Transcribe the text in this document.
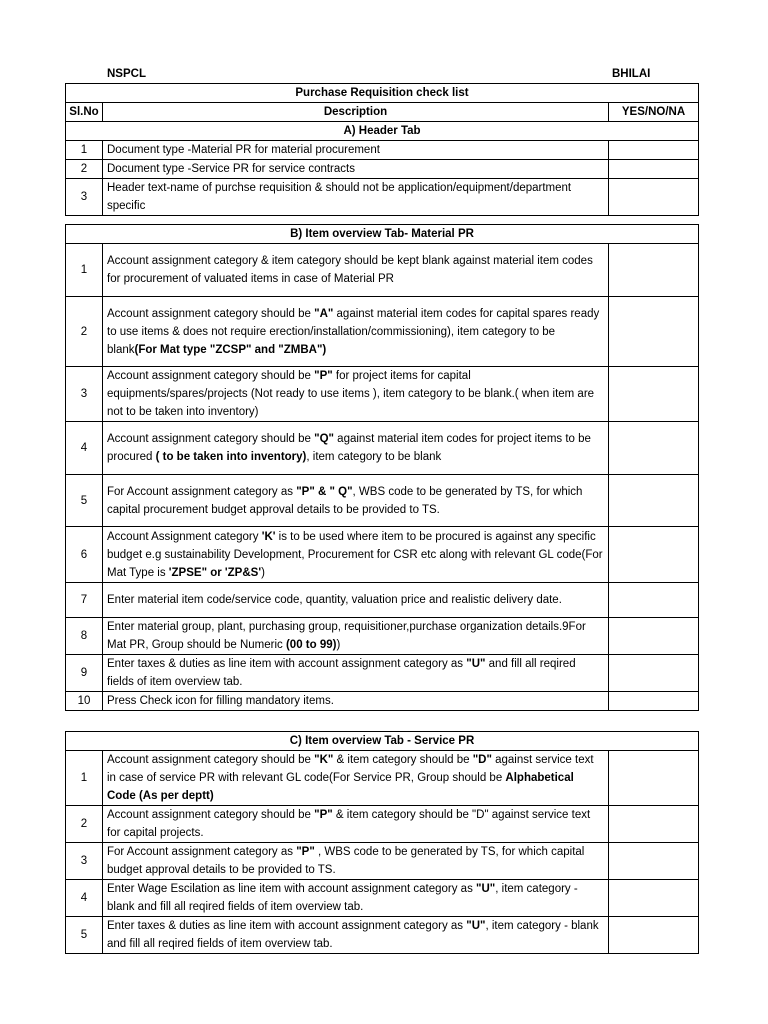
NSPCL	BHILAI
Purchase Requisition check list		
Sl.No	Description	YES/NO/NA
A) Header Tab		
1	Document type -Material PR for material procurement	
2	Document type -Service PR for service contracts	
3	Header text-name of purchse requisition & should not be application/equipment/department specific	
B) Item overview Tab- Material PR		
1	Account assignment category & item category should be kept blank against material item codes for procurement of valuated items in case of Material PR	
2	Account assignment category should be "A" against material item codes for capital spares ready to use items & does not require erection/installation/commissioning), item category to be blank(For Mat type "ZCSP" and "ZMBA")	
3	Account assignment category should be "P" for project items for capital equipments/spares/projects (Not ready to use items ), item category to be blank.( when item are not to be taken into inventory)	
4	Account assignment category should be "Q" against material item codes for project items to be procured ( to be taken into inventory), item category to be blank	
5	For Account assignment category as "P" & " Q", WBS code to be generated by TS, for which capital procurement budget approval details to be provided to TS.	
6	Account Assignment category 'K' is to be used where item to be procured is against any specific budget e.g sustainability Development, Procurement for CSR etc along with relevant GL code(For Mat Type is 'ZPSE" or 'ZP&S')	
7	Enter material item code/service code, quantity, valuation price and realistic delivery date.	
8	Enter material group, plant, purchasing group, requisitioner,purchase organization details.9For Mat PR, Group should be Numeric (00 to 99))	
9	Enter taxes & duties as line item with account assignment category as "U" and fill all reqired fields of item overview tab.	
10	Press Check icon for filling mandatory items.	
C) Item overview Tab - Service PR		
1	Account assignment category should be "K" & item category should be "D" against service text in case of service PR with relevant GL code(For Service PR, Group should be Alphabetical Code (As per deptt)	
2	Account assignment category should be "P" & item category should be "D" against service text for capital projects.	
3	For Account assignment category as "P" , WBS code to be generated by TS, for which capital budget approval details to be provided to TS.	
4	Enter Wage Escilation as line item with account assignment category as "U", item category - blank and fill all reqired fields of item overview tab.	
5	Enter taxes & duties as line item with account assignment category as "U", item category - blank and fill all reqired fields of item overview tab.	
